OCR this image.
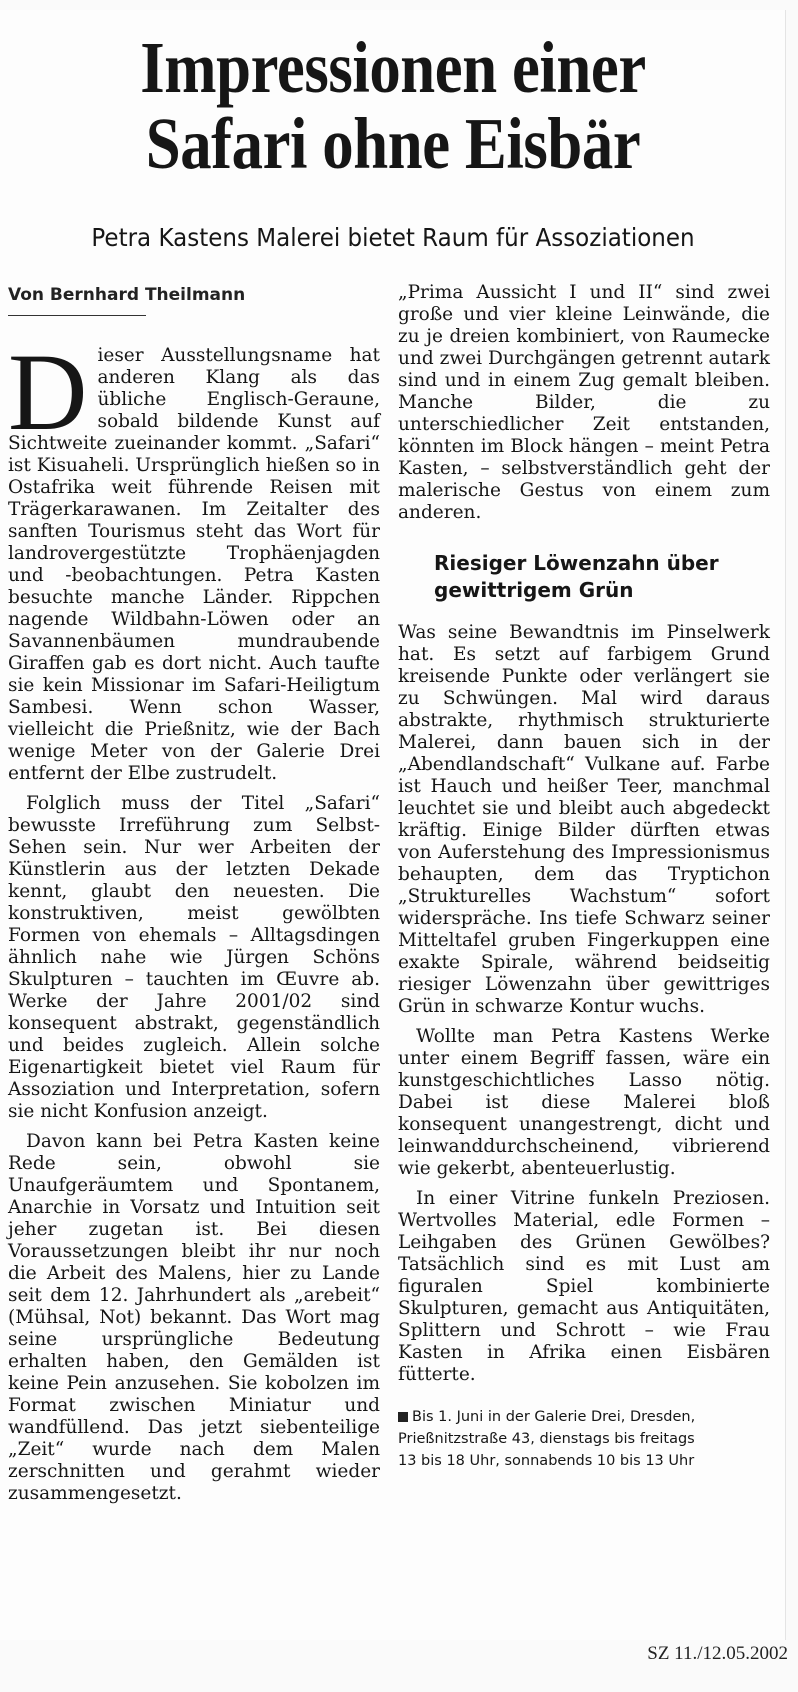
Impressionen einer
Safari ohne Eisbär
Petra Kastens Malerei bietet Raum für Assoziationen
Von Bernhard Theilmann

Dieser Ausstellungsname hat anderen Klang als das übliche Englisch-Geraune, sobald bildende Kunst auf Sichtweite zueinander kommt. „Safari“ ist Kisuaheli. Ursprünglich hießen so in Ostafrika weit führende Reisen mit Trägerkarawanen. Im Zeitalter des sanften Tourismus steht das Wort für landrovergestützte Trophäenjagden und -beobachtungen. Petra Kasten besuchte manche Länder. Rippchen nagende Wildbahn-Löwen oder an Savannenbäumen mundraubende Giraffen gab es dort nicht. Auch taufte sie kein Missionar im Safari-Heiligtum Sambesi. Wenn schon Wasser, vielleicht die Prießnitz, wie der Bach wenige Meter von der Galerie Drei entfernt der Elbe zustrudelt.

Folglich muss der Titel „Safari“ bewusste Irreführung zum Selbst-Sehen sein. Nur wer Arbeiten der Künstlerin aus der letzten Dekade kennt, glaubt den neuesten. Die konstruktiven, meist gewölbten Formen von ehemals – Alltagsdingen ähnlich nahe wie Jürgen Schöns Skulpturen – tauchten im Œuvre ab. Werke der Jahre 2001/02 sind konsequent abstrakt, gegenständlich und beides zugleich. Allein solche Eigenartigkeit bietet viel Raum für Assoziation und Interpretation, sofern sie nicht Konfusion anzeigt.

Davon kann bei Petra Kasten keine Rede sein, obwohl sie Unaufgeräumtem und Spontanem, Anarchie in Vorsatz und Intuition seit jeher zugetan ist. Bei diesen Voraussetzungen bleibt ihr nur noch die Arbeit des Malens, hier zu Lande seit dem 12. Jahrhundert als „arebeit“ (Mühsal, Not) bekannt. Das Wort mag seine ursprüngliche Bedeutung erhalten haben, den Gemälden ist keine Pein anzusehen. Sie kobolzen im Format zwischen Miniatur und wandfüllend. Das jetzt siebenteilige „Zeit“ wurde nach dem Malen zerschnitten und gerahmt wieder zusammengesetzt.

„Prima Aussicht I und II“ sind zwei große und vier kleine Leinwände, die zu je dreien kombiniert, von Raumecke und zwei Durchgängen getrennt autark sind und in einem Zug gemalt bleiben. Manche Bilder, die zu unterschiedlicher Zeit entstanden, könnten im Block hängen – meint Petra Kasten, – selbstverständlich geht der malerische Gestus von einem zum anderen.

Riesiger Löwenzahn über gewittrigem Grün

Was seine Bewandtnis im Pinselwerk hat. Es setzt auf farbigem Grund kreisende Punkte oder verlängert sie zu Schwüngen. Mal wird daraus abstrakte, rhythmisch strukturierte Malerei, dann bauen sich in der „Abendlandschaft“ Vulkane auf. Farbe ist Hauch und heißer Teer, manchmal leuchtet sie und bleibt auch abgedeckt kräftig. Einige Bilder dürften etwas von Auferstehung des Impressionismus behaupten, dem das Tryptichon „Strukturelles Wachstum“ sofort widerspräche. Ins tiefe Schwarz seiner Mitteltafel gruben Fingerkuppen eine exakte Spirale, während beidseitig riesiger Löwenzahn über gewittriges Grün in schwarze Kontur wuchs.

Wollte man Petra Kastens Werke unter einem Begriff fassen, wäre ein kunstgeschichtliches Lasso nötig. Dabei ist diese Malerei bloß konsequent unangestrengt, dicht und leinwanddurchscheinend, vibrierend wie gekerbt, abenteuerlustig.

In einer Vitrine funkeln Preziosen. Wertvolles Material, edle Formen – Leihgaben des Grünen Gewölbes? Tatsächlich sind es mit Lust am figuralen Spiel kombinierte Skulpturen, gemacht aus Antiquitäten, Splittern und Schrott – wie Frau Kasten in Afrika einen Eisbären fütterte.

Bis 1. Juni in der Galerie Drei, Dresden,
Prießnitzstraße 43, dienstags bis freitags
13 bis 18 Uhr, sonnabends 10 bis 13 Uhr
SZ 11./12.05.2002
